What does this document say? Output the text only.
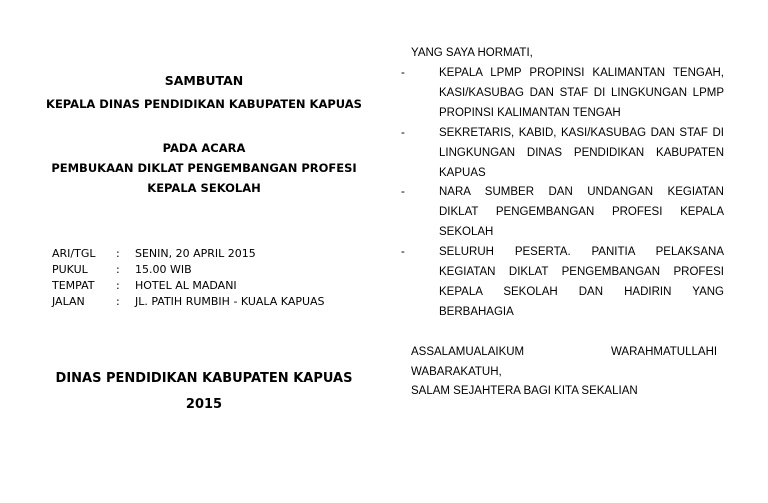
SAMBUTAN
KEPALA DINAS PENDIDIKAN KABUPATEN KAPUAS
PADA ACARA
PEMBUKAAN DIKLAT PENGEMBANGAN PROFESI
KEPALA SEKOLAH
ARI/TGL : SENIN, 20 APRIL 2015
PUKUL	: 15.00 WIB
TEMPAT : HOTEL AL MADANI
JALAN	: JL. PATIH RUMBIH - KUALA KAPUAS
DINAS PENDIDIKAN KABUPATEN KAPUAS
2015
YANG SAYA HORMATI,
-	KEPALA LPMP PROPINSI KALIMANTAN TENGAH,
KASI/KASUBAG DAN STAF DI LINGKUNGAN LPMP
PROPINSI KALIMANTAN TENGAH
-	SEKRETARIS, KABID, KASI/KASUBAG DAN STAF DI
LINGKUNGAN DINAS PENDIDIKAN KABUPATEN
KAPUAS
-	NARA SUMBER DAN UNDANGAN KEGIATAN
DIKLAT PENGEMBANGAN PROFESI KEPALA
SEKOLAH
-	SELURUH PESERTA. PANITIA PELAKSANA
KEGIATAN DIKLAT PENGEMBANGAN PROFESI
KEPALA SEKOLAH DAN HADIRIN YANG
BERBAHAGIA
ASSALAMUALAIKUM	WARAHMATULLAHI
WABARAKATUH,
SALAM SEJAHTERA BAGI KITA SEKALIAN
